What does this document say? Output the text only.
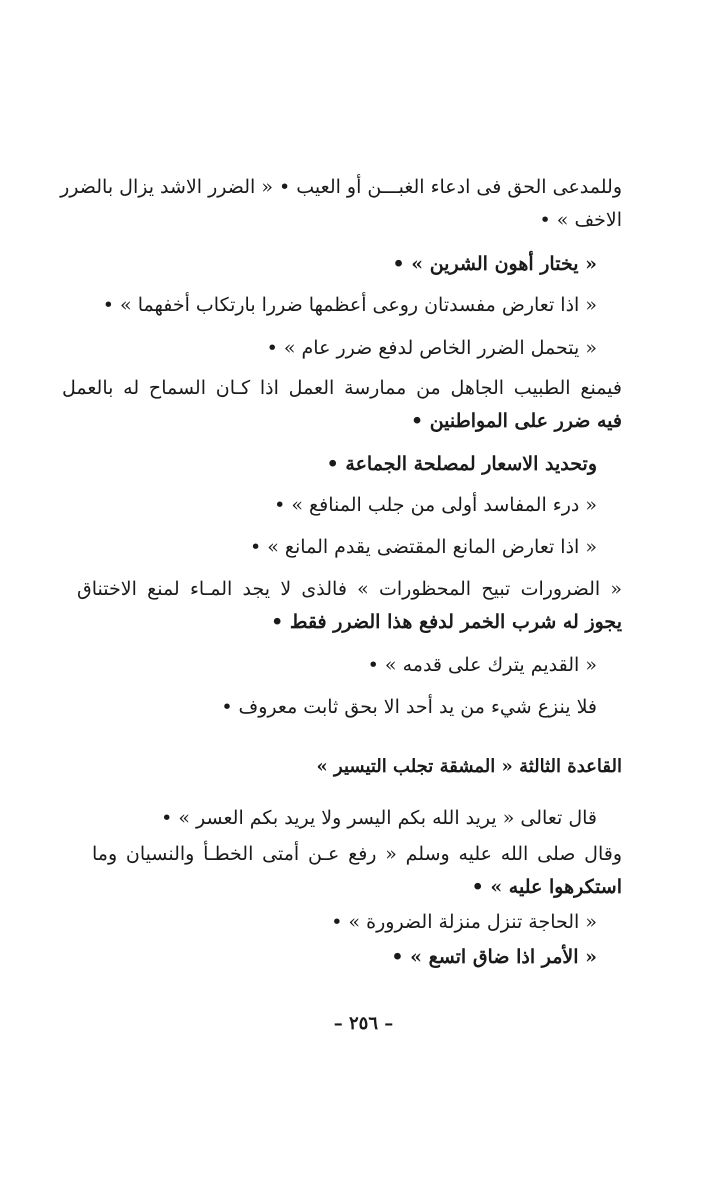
وللمدعى الحق فى ادعاء الغبـــن أو العيب • « الضرر الاشد يزال بالضرر
الاخف » •
« يختار أهون الشرين » •
« اذا تعارض مفسدتان روعى أعظمها ضررا بارتكاب أخفهما » •
« يتحمل الضرر الخاص لدفع ضرر عام » •
فيمنع الطبيب الجاهل من ممارسة العمل اذا كـان السماح له بالعمل
فيه ضرر على المواطنين •
وتحديد الاسعار لمصلحة الجماعة •
« درء المفاسد أولى من جلب المنافع » •
« اذا تعارض المانع المقتضى يقدم المانع » •
« الضرورات تبيح المحظورات » فالذى لا يجد المـاء لمنع الاختناق
يجوز له شرب الخمر لدفع هذا الضرر فقط •
« القديم يترك على قدمه » •
فلا ينزع شيء من يد أحد الا بحق ثابت معروف •
القاعدة الثالثة « المشقة تجلب التيسير »
قال تعالى « يريد الله بكم اليسر ولا يريد بكم العسر » •
وقال صلى الله عليه وسلم « رفع عـن أمتى الخطـأ والنسيان وما
استكرهوا عليه » •
« الحاجة تنزل منزلة الضرورة » •
« الأمر اذا ضاق اتسع » •
– ٢٥٦ –
